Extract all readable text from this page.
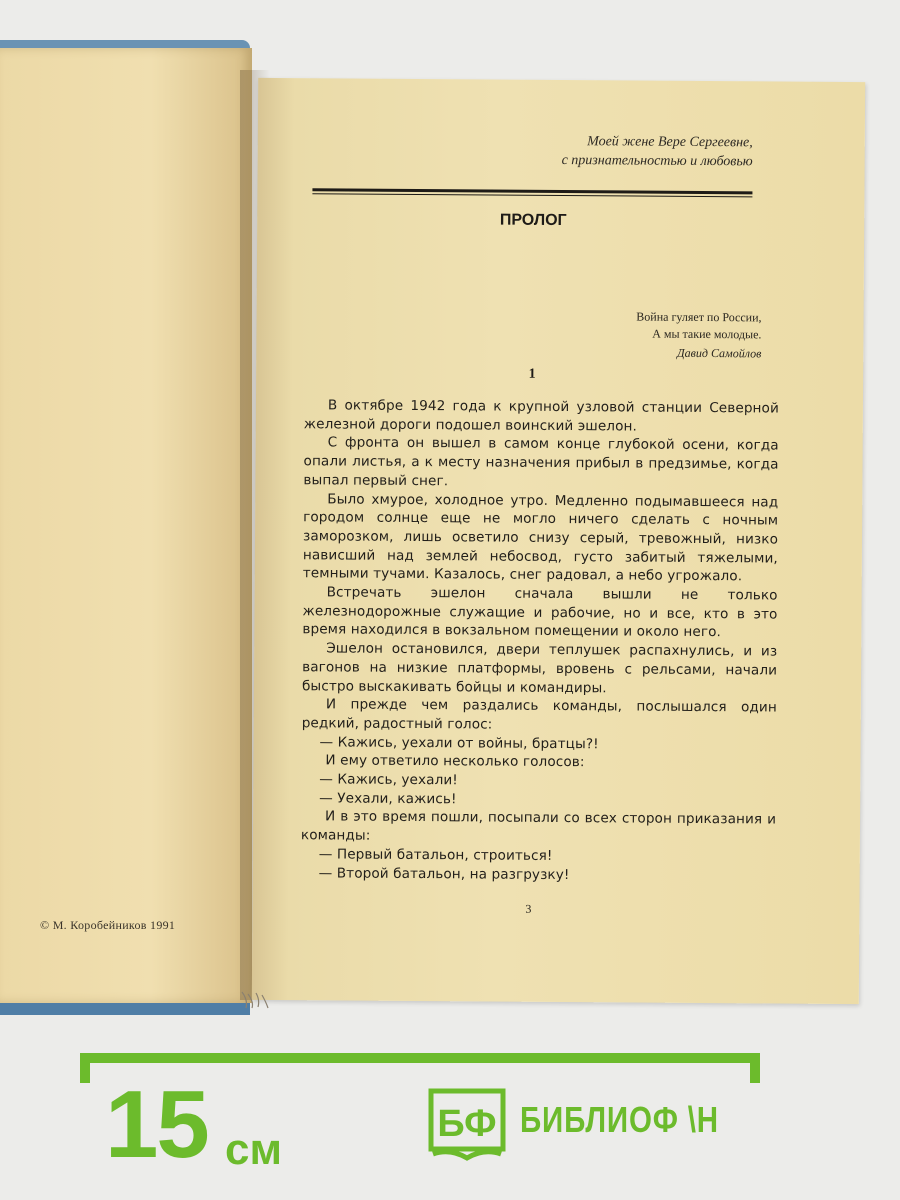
© М. Коробейников 1991
Моей жене Вере Сергеевне,
с признательностью и любовью
ПРОЛОГ
Война гуляет по России,
А мы такие молодые.
Давид Самойлов
1

В октябре 1942 года к крупной узловой станции Северной железной дороги подошел воинский эшелон.

С фронта он вышел в самом конце глубокой осени, когда опали листья, а к месту назначения прибыл в предзимье, когда выпал первый снег.

Было хмурое, холодное утро. Медленно подымавшееся над городом солнце еще не могло ничего сделать с ночным заморозком, лишь осветило снизу серый, тревожный, низко нависший над землей небосвод, густо забитый тяжелыми, темными тучами. Казалось, снег радовал, а небо угрожало.

Встречать эшелон сначала вышли не только железнодорожные служащие и рабочие, но и все, кто в это время находился в вокзальном помещении и около него.

Эшелон остановился, двери теплушек распахнулись, и из вагонов на низкие платформы, вровень с рельсами, начали быстро выскакивать бойцы и командиры.

И прежде чем раздались команды, послышался один редкий, радостный голос:

— Кажись, уехали от войны, братцы?!

И ему ответило несколько голосов:

— Кажись, уехали!

— Уехали, кажись!

И в это время пошли, посыпали со всех сторон приказания и команды:

— Первый батальон, строиться!

— Второй батальон, на разгрузку!

3
15 см
БФ БИБЛИОФ \Н
